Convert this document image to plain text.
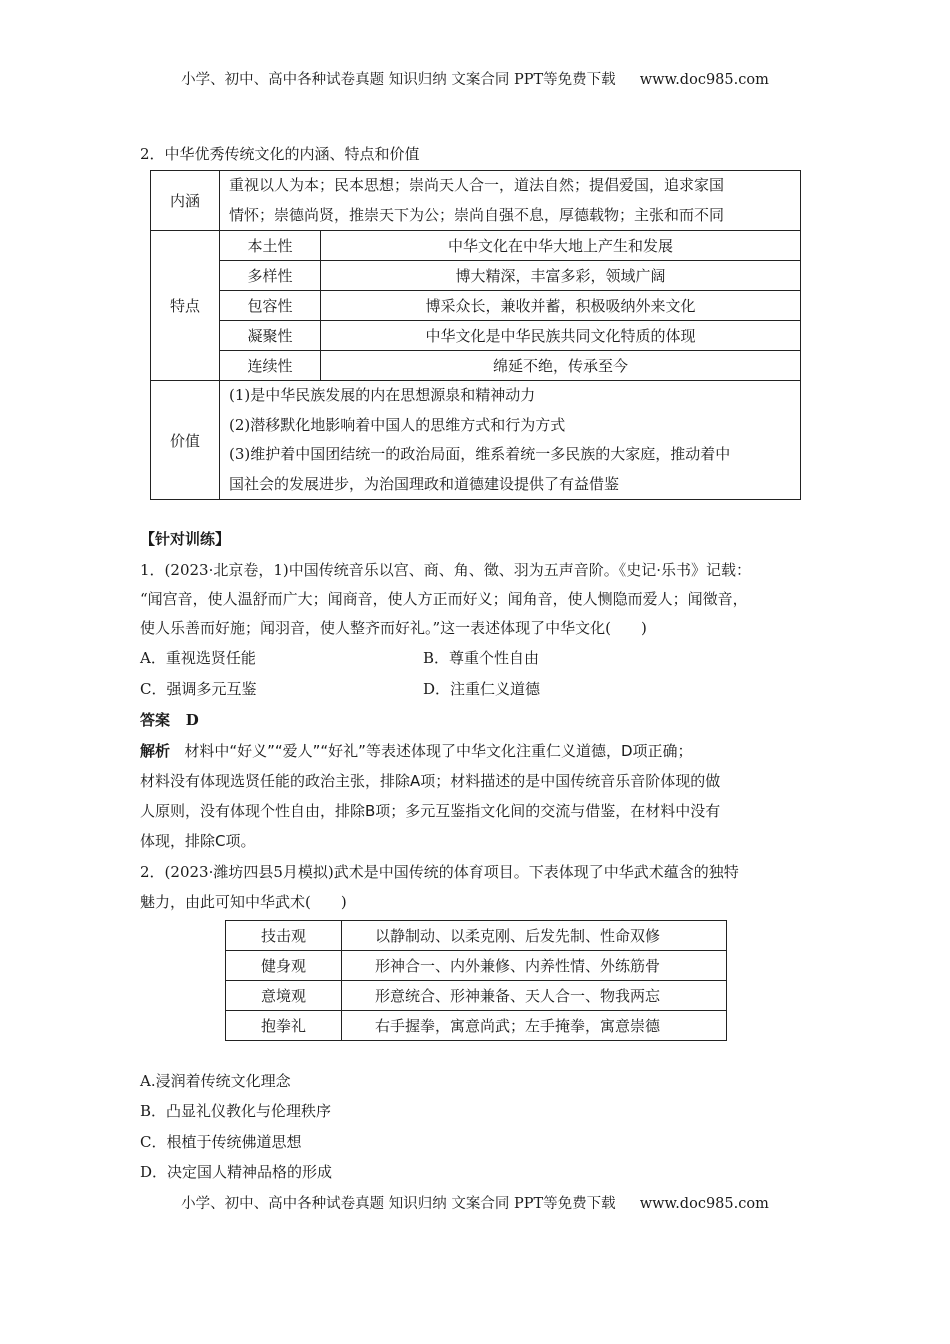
小学、初中、高中各种试卷真题 知识归纳 文案合同 PPT等免费下载 www.doc985.com
2．中华优秀传统文化的内涵、特点和价值
内涵	重视以人为本；民本思想；崇尚天人合一，道法自然；提倡爱国，追求家国
情怀；崇德尚贤，推崇天下为公；崇尚自强不息，厚德载物；主张和而不同	

特点	本土性	中华文化在中华大地上产生和发展
	多样性	博大精深，丰富多彩，领域广阔
	包容性	博采众长，兼收并蓄，积极吸纳外来文化
	凝聚性	中华文化是中华民族共同文化特质的体现
	连续性	绵延不绝，传承至今
价值	(1)是中华民族发展的内在思想源泉和精神动力
(2)潜移默化地影响着中国人的思维方式和行为方式
(3)维护着中国团结统一的政治局面，维系着统一多民族的大家庭，推动着中
国社会的发展进步，为治国理政和道德建设提供了有益借鉴	
【针对训练】
1．(2023·北京卷，1)中国传统音乐以宫、商、角、徵、羽为五声音阶。《史记·乐书》记载：
“闻宫音，使人温舒而广大；闻商音，使人方正而好义；闻角音，使人恻隐而爱人；闻徵音，
使人乐善而好施；闻羽音，使人整齐而好礼。”这一表述体现了中华文化(　　)
A．重视选贤任能	B．尊重个性自由
C．强调多元互鉴	D．注重仁义道德
答案 D
解析 材料中“好义”“爱人”“好礼”等表述体现了中华文化注重仁义道德，D项正确；
材料没有体现选贤任能的政治主张，排除A项；材料描述的是中国传统音乐音阶体现的做
人原则，没有体现个性自由，排除B项；多元互鉴指文化间的交流与借鉴，在材料中没有
体现，排除C项。
2．(2023·潍坊四县5月模拟)武术是中国传统的体育项目。下表体现了中华武术蕴含的独特
魅力，由此可知中华武术(　　)
技击观	以静制动、以柔克刚、后发先制、性命双修
健身观	形神合一、内外兼修、内养性情、外练筋骨
意境观	形意统合、形神兼备、天人合一、物我两忘
抱拳礼	右手握拳，寓意尚武；左手掩拳，寓意崇德
A.浸润着传统文化理念
B．凸显礼仪教化与伦理秩序
C．根植于传统佛道思想
D．决定国人精神品格的形成
小学、初中、高中各种试卷真题 知识归纳 文案合同 PPT等免费下载 www.doc985.com
